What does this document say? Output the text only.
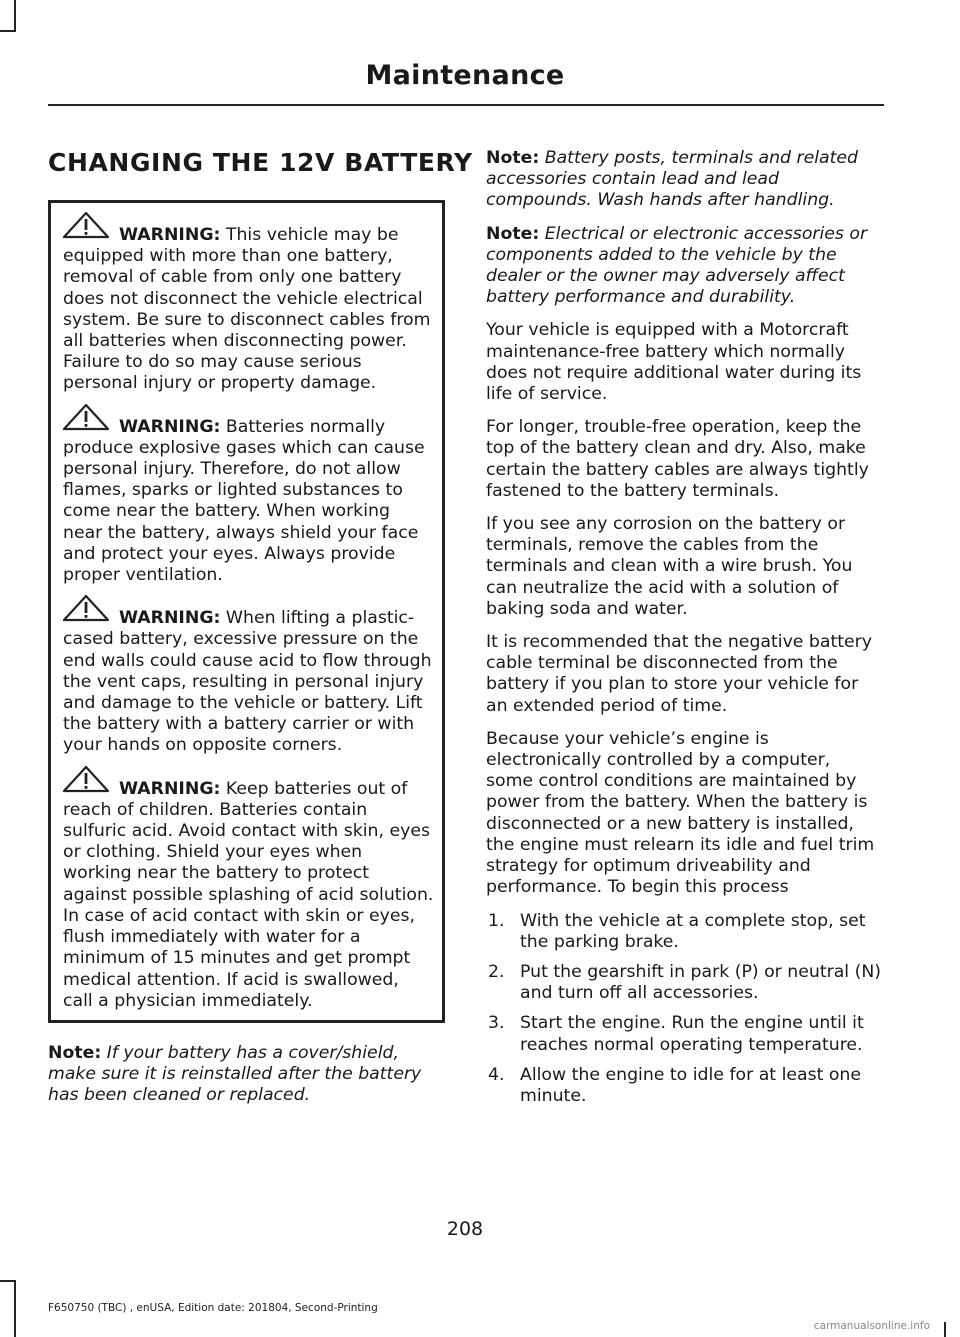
Maintenance
CHANGING THE 12V BATTERY
WARNING: This vehicle may be equipped with more than one battery, removal of cable from only one battery does not disconnect the vehicle electrical system. Be sure to disconnect cables from all batteries when disconnecting power. Failure to do so may cause serious personal injury or property damage.
WARNING: Batteries normally produce explosive gases which can cause personal injury. Therefore, do not allow flames, sparks or lighted substances to come near the battery. When working near the battery, always shield your face and protect your eyes. Always provide proper ventilation.
WARNING: When lifting a plastic-cased battery, excessive pressure on the end walls could cause acid to flow through the vent caps, resulting in personal injury and damage to the vehicle or battery. Lift the battery with a battery carrier or with your hands on opposite corners.
WARNING: Keep batteries out of reach of children. Batteries contain sulfuric acid. Avoid contact with skin, eyes or clothing. Shield your eyes when working near the battery to protect against possible splashing of acid solution. In case of acid contact with skin or eyes, flush immediately with water for a minimum of 15 minutes and get prompt medical attention. If acid is swallowed, call a physician immediately.

Note: If your battery has a cover/shield, make sure it is reinstalled after the battery has been cleaned or replaced.

Note: Battery posts, terminals and related accessories contain lead and lead compounds. Wash hands after handling.

Note: Electrical or electronic accessories or components added to the vehicle by the dealer or the owner may adversely affect battery performance and durability.

Your vehicle is equipped with a Motorcraft maintenance-free battery which normally does not require additional water during its life of service.

For longer, trouble-free operation, keep the top of the battery clean and dry. Also, make certain the battery cables are always tightly fastened to the battery terminals.

If you see any corrosion on the battery or terminals, remove the cables from the terminals and clean with a wire brush. You can neutralize the acid with a solution of baking soda and water.

It is recommended that the negative battery cable terminal be disconnected from the battery if you plan to store your vehicle for an extended period of time.

Because your vehicle’s engine is electronically controlled by a computer, some control conditions are maintained by power from the battery. When the battery is disconnected or a new battery is installed, the engine must relearn its idle and fuel trim strategy for optimum driveability and performance. To begin this process

1. With the vehicle at a complete stop, set the parking brake.
2. Put the gearshift in park (P) or neutral (N) and turn off all accessories.
3. Start the engine. Run the engine until it reaches normal operating temperature.
4. Allow the engine to idle for at least one minute.
208
F650750 (TBC) , enUSA, Edition date: 201804, Second-Printing
carmanualsonline.info
